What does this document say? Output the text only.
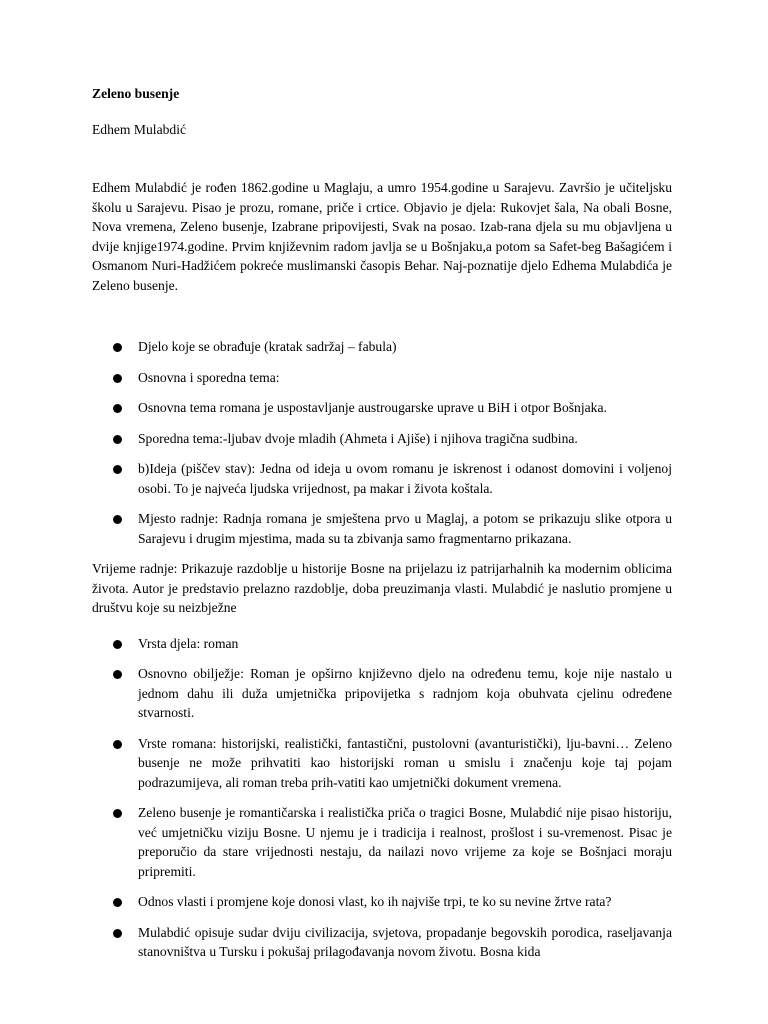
Zeleno busenje

Edhem Mulabdić

Edhem Mulabdić je rođen 1862.godine u Maglaju, a umro 1954.godine u Sarajevu. Završio je učiteljsku školu u Sarajevu. Pisao je prozu, romane, priče i crtice. Objavio je djela: Rukovjet šala, Na obali Bosne, Nova vremena, Zeleno busenje, Izabrane pripovijesti, Svak na posao. Izab-rana djela su mu objavljena u dvije knjige1974.godine. Prvim književnim radom javlja se u Bošnjaku,a potom sa Safet-beg Bašagićem i Osmanom Nuri-Hadžićem pokreće muslimanski časopis Behar. Naj-poznatije djelo Edhema Mulabdića je Zeleno busenje.

Djelo koje se obrađuje (kratak sadržaj – fabula)
Osnovna i sporedna tema:
Osnovna tema romana je uspostavljanje austrougarske uprave u BiH i otpor Bošnjaka.
Sporedna tema:-ljubav dvoje mladih (Ahmeta i Ajiše) i njihova tragična sudbina.
b)Ideja (piščev stav): Jedna od ideja u ovom romanu je iskrenost i odanost domovini i voljenoj osobi. To je najveća ljudska vrijednost, pa makar i života koštala.
Mjesto radnje: Radnja romana je smještena prvo u Maglaj, a potom se prikazuju slike otpora u Sarajevu i drugim mjestima, mada su ta zbivanja samo fragmentarno prikazana.

Vrijeme radnje: Prikazuje razdoblje u historije Bosne na prijelazu iz patrijarhalnih ka modernim oblicima života. Autor je predstavio prelazno razdoblje, doba preuzimanja vlasti. Mulabdić je naslutio promjene u društvu koje su neizbježne

Vrsta djela: roman
Osnovno obilježje: Roman je opširno književno djelo na određenu temu, koje nije nastalo u jednom dahu ili duža umjetnička pripovijetka s radnjom koja obuhvata cjelinu određene stvarnosti.
Vrste romana: historijski, realistički, fantastični, pustolovni (avanturistički), lju-bavni… Zeleno busenje ne može prihvatiti kao historijski roman u smislu i značenju koje taj pojam podrazumijeva, ali roman treba prih-vatiti kao umjetnički dokument vremena.
Zeleno busenje je romantičarska i realistička priča o tragici Bosne, Mulabdić nije pisao historiju, već umjetničku viziju Bosne. U njemu je i tradicija i realnost, prošlost i su-vremenost. Pisac je preporučio da stare vrijednosti nestaju, da nailazi novo vrijeme za koje se Bošnjaci moraju pripremiti.
Odnos vlasti i promjene koje donosi vlast, ko ih najviše trpi, te ko su nevine žrtve rata?
Mulabdić opisuje sudar dviju civilizacija, svjetova, propadanje begovskih porodica, raseljavanja stanovništva u Tursku i pokušaj prilagođavanja novom životu. Bosna kida
